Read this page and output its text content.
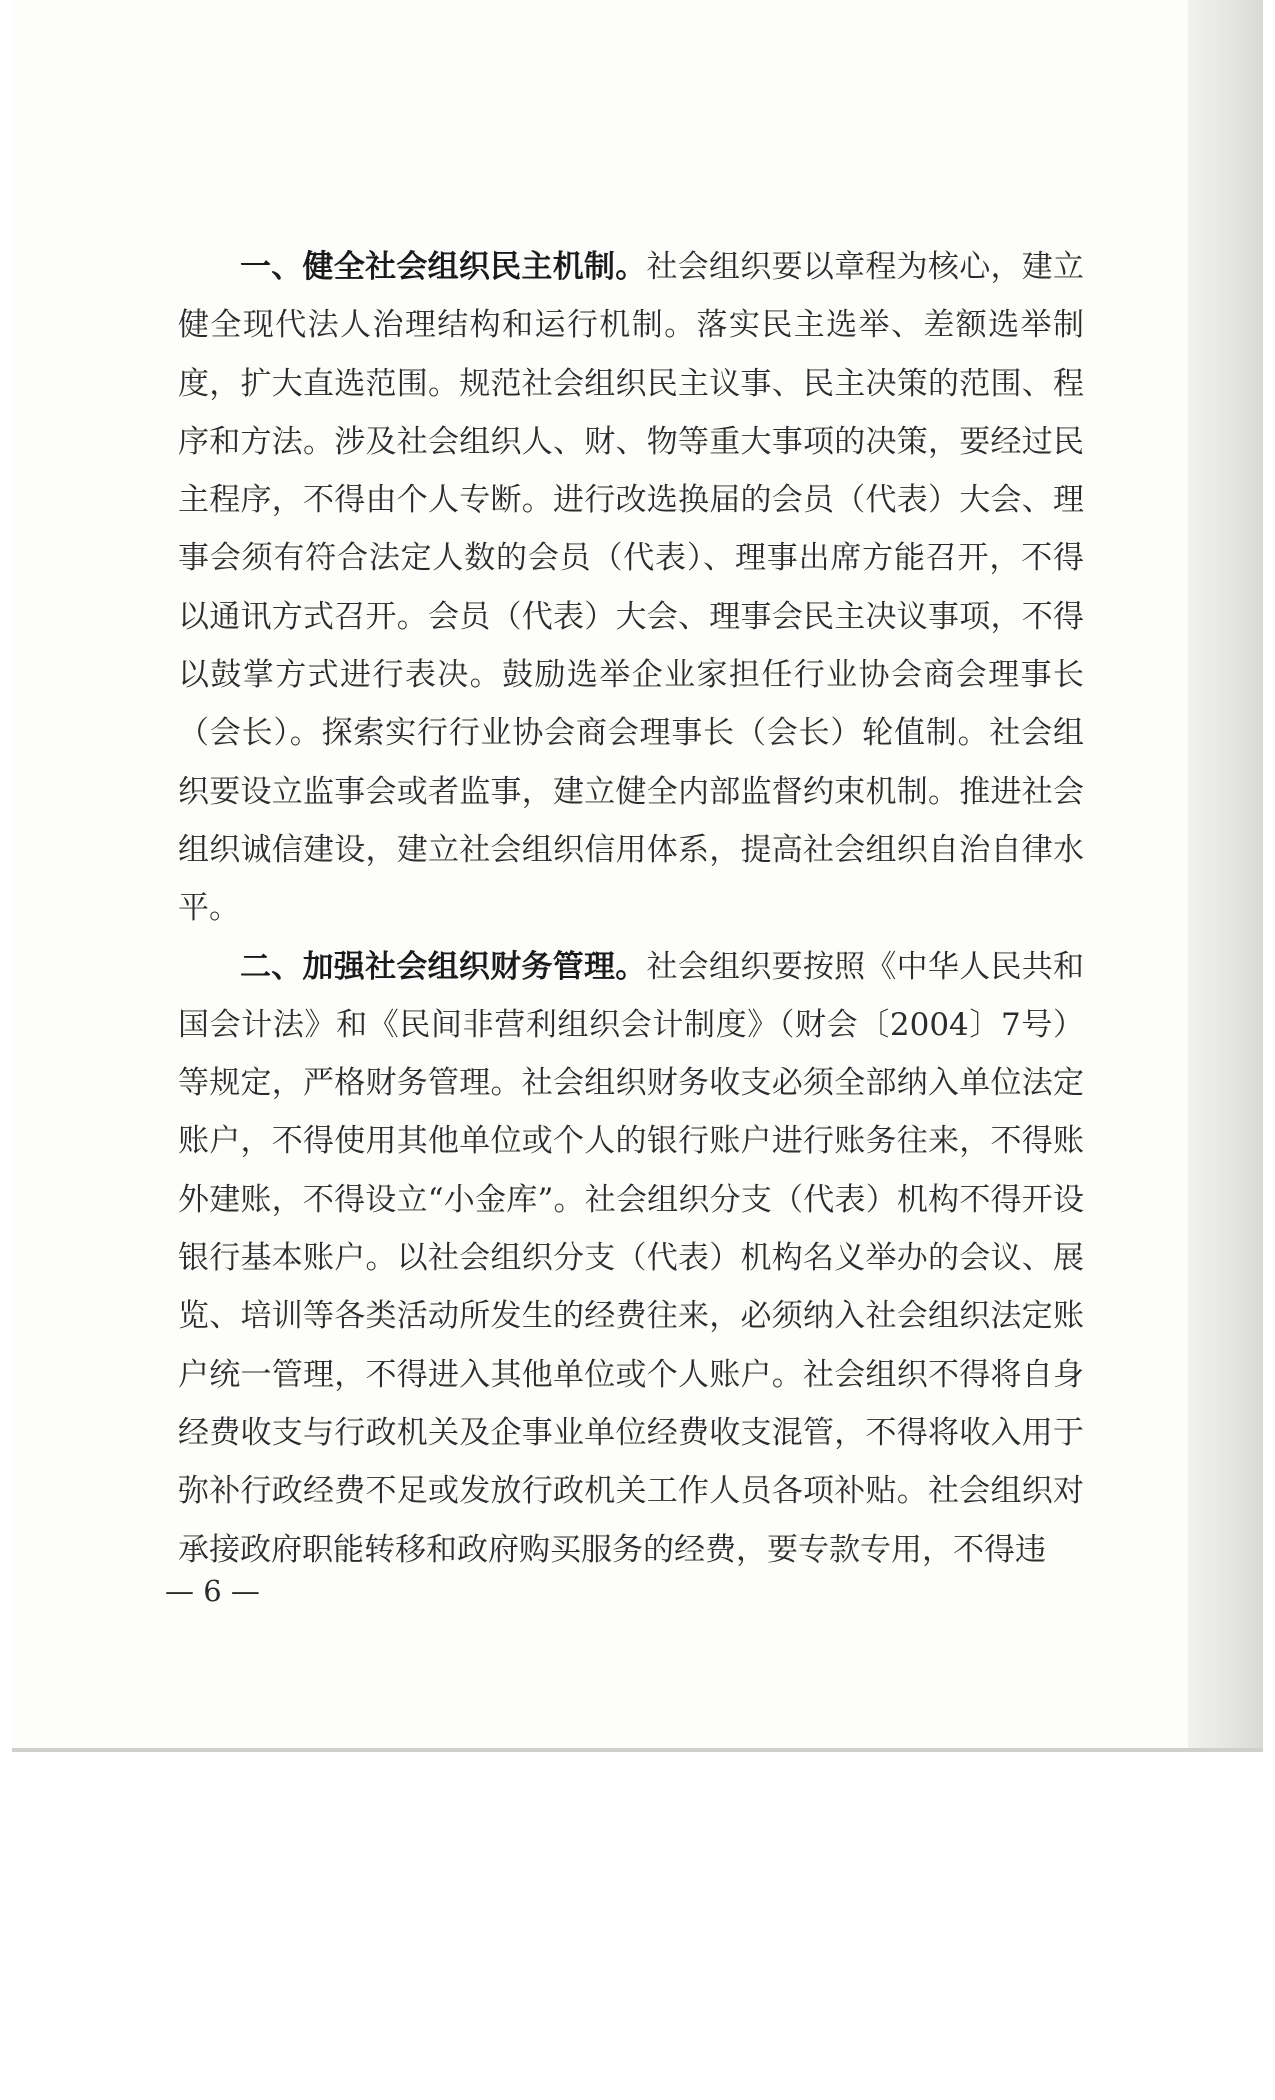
一、健全社会组织民主机制。社会组织要以章程为核心，建立健全现代法人治理结构和运行机制。落实民主选举、差额选举制度，扩大直选范围。规范社会组织民主议事、民主决策的范围、程序和方法。涉及社会组织人、财、物等重大事项的决策，要经过民主程序，不得由个人专断。进行改选换届的会员（代表）大会、理事会须有符合法定人数的会员（代表）、理事出席方能召开，不得以通讯方式召开。会员（代表）大会、理事会民主决议事项，不得以鼓掌方式进行表决。鼓励选举企业家担任行业协会商会理事长（会长）。探索实行行业协会商会理事长（会长）轮值制。社会组织要设立监事会或者监事，建立健全内部监督约束机制。推进社会组织诚信建设，建立社会组织信用体系，提高社会组织自治自律水平。

二、加强社会组织财务管理。社会组织要按照《中华人民共和国会计法》和《民间非营利组织会计制度》（财会〔2004〕7号）等规定，严格财务管理。社会组织财务收支必须全部纳入单位法定账户，不得使用其他单位或个人的银行账户进行账务往来，不得账外建账，不得设立“小金库”。社会组织分支（代表）机构不得开设银行基本账户。以社会组织分支（代表）机构名义举办的会议、展览、培训等各类活动所发生的经费往来，必须纳入社会组织法定账户统一管理，不得进入其他单位或个人账户。社会组织不得将自身经费收支与行政机关及企事业单位经费收支混管，不得将收入用于弥补行政经费不足或发放行政机关工作人员各项补贴。社会组织对承接政府职能转移和政府购买服务的经费，要专款专用，不得违

— 6 —
